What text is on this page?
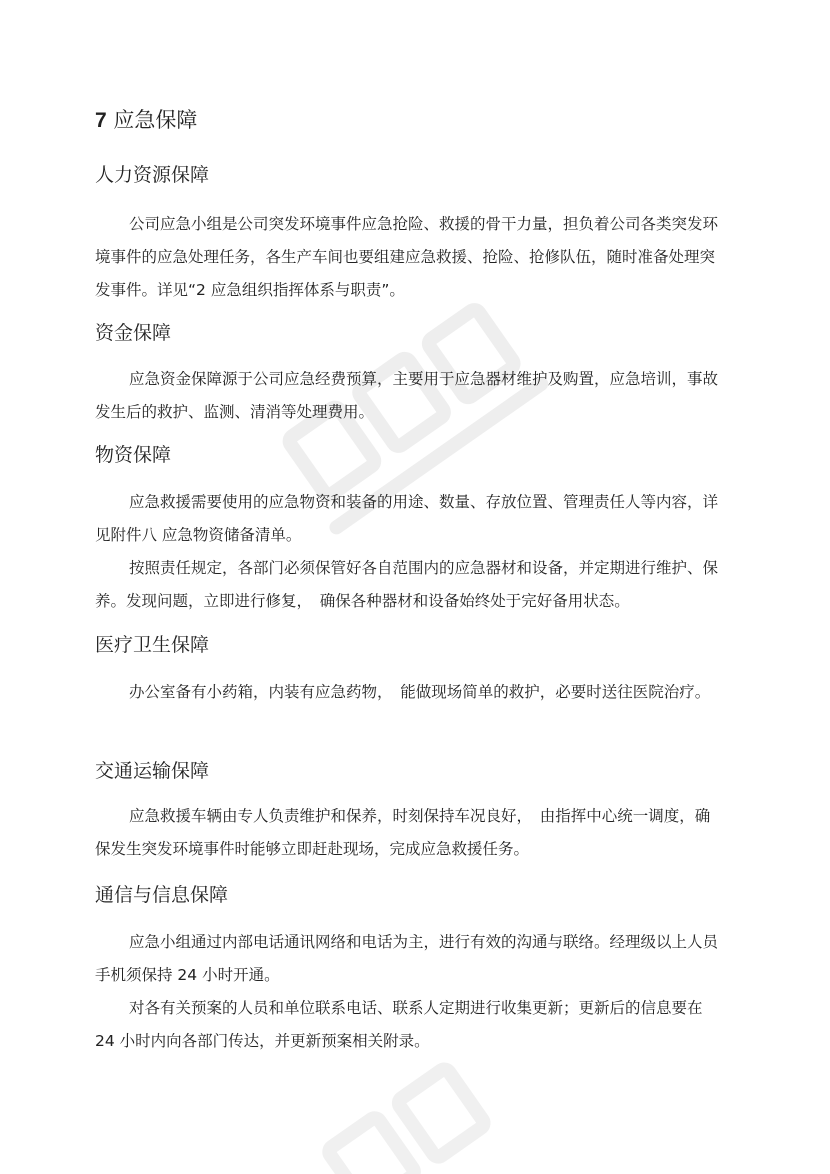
7 应急保障
人力资源保障

公司应急小组是公司突发环境事件应急抢险、救援的骨干力量，担负着公司各类突发环境事件的应急处理任务，各生产车间也要组建应急救援、抢险、抢修队伍，随时准备处理突发事件。详见“2 应急组织指挥体系与职责”。

资金保障

应急资金保障源于公司应急经费预算，主要用于应急器材维护及购置，应急培训，事故发生后的救护、监测、清消等处理费用。

物资保障

应急救援需要使用的应急物资和装备的用途、数量、存放位置、管理责任人等内容，详见附件八 应急物资储备清单。

按照责任规定，各部门必须保管好各自范围内的应急器材和设备，并定期进行维护、保养。发现问题，立即进行修复，　确保各种器材和设备始终处于完好备用状态。

医疗卫生保障

办公室备有小药箱，内装有应急药物，　能做现场简单的救护，必要时送往医院治疗。

交通运输保障

应急救援车辆由专人负责维护和保养，时刻保持车况良好，　由指挥中心统一调度，确保发生突发环境事件时能够立即赶赴现场，完成应急救援任务。

通信与信息保障

应急小组通过内部电话通讯网络和电话为主，进行有效的沟通与联络。经理级以上人员手机须保持 24 小时开通。

对各有关预案的人员和单位联系电话、联系人定期进行收集更新；更新后的信息要在 24 小时内向各部门传达，并更新预案相关附录。
